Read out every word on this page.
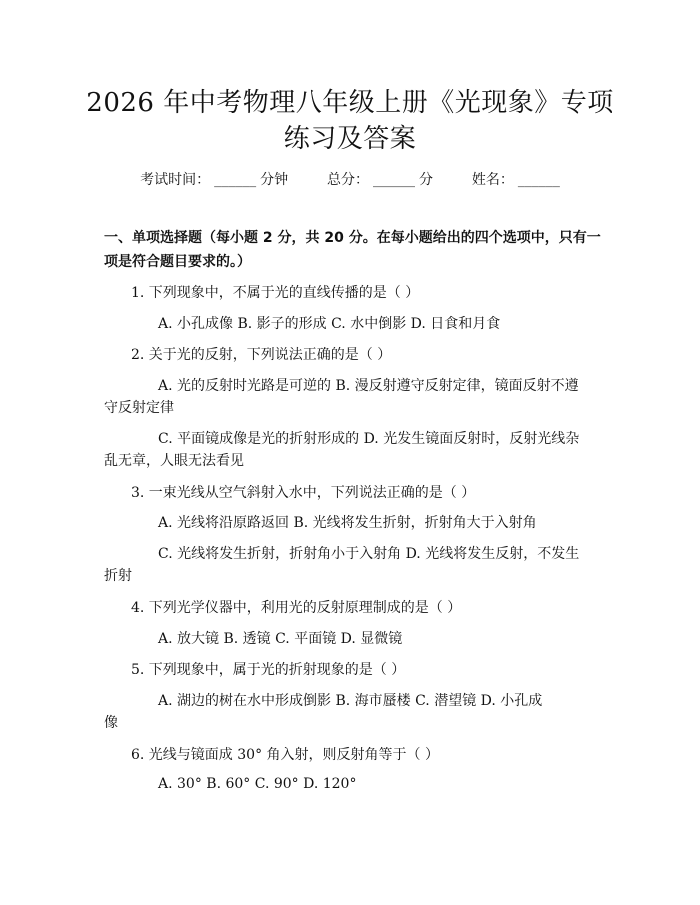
2026 年中考物理八年级上册《光现象》专项
练习及答案
考试时间： ______ 分钟	总分： ______ 分	姓名： ______
一、单项选择题（每小题 2 分，共 20 分。在每小题给出的四个选项中，只有一项是符合题目要求的。）
1. 下列现象中，不属于光的直线传播的是（ ）
A. 小孔成像 B. 影子的形成 C. 水中倒影 D. 日食和月食
2. 关于光的反射，下列说法正确的是（ ）
A. 光的反射时光路是可逆的 B. 漫反射遵守反射定律，镜面反射不遵
守反射定律
C. 平面镜成像是光的折射形成的 D. 光发生镜面反射时，反射光线杂
乱无章，人眼无法看见
3. 一束光线从空气斜射入水中，下列说法正确的是（ ）
A. 光线将沿原路返回 B. 光线将发生折射，折射角大于入射角
C. 光线将发生折射，折射角小于入射角 D. 光线将发生反射，不发生
折射
4. 下列光学仪器中，利用光的反射原理制成的是（ ）
A. 放大镜 B. 透镜 C. 平面镜 D. 显微镜
5. 下列现象中，属于光的折射现象的是（ ）
A. 湖边的树在水中形成倒影 B. 海市蜃楼 C. 潜望镜 D. 小孔成
像
6. 光线与镜面成 30° 角入射，则反射角等于（ ）
A. 30° B. 60° C. 90° D. 120°
